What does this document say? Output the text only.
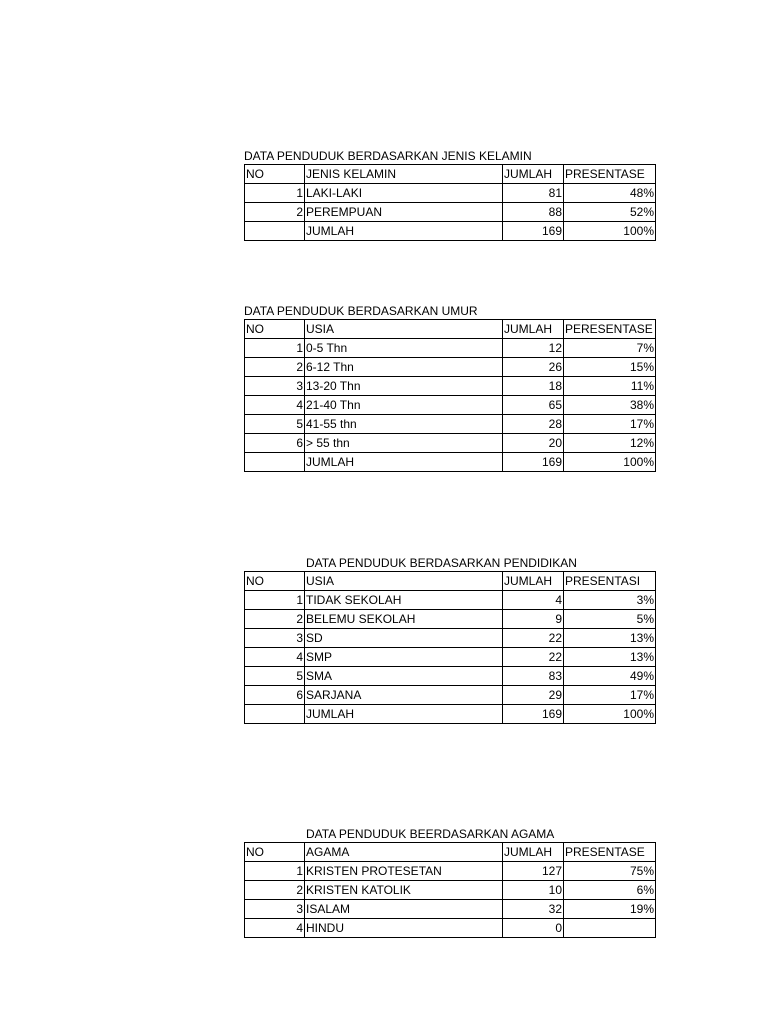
DATA PENDUDUK BERDASARKAN JENIS KELAMIN
NO	JENIS KELAMIN	JUMLAH	PRESENTASE
1	LAKI-LAKI	81	48%
2	PEREMPUAN	88	52%
	JUMLAH	169	100%
DATA PENDUDUK BERDASARKAN UMUR
NO	USIA	JUMLAH	PERESENTASE
1	0-5 Thn	12	7%
2	6-12 Thn	26	15%
3	13-20 Thn	18	11%
4	21-40 Thn	65	38%
5	41-55 thn	28	17%
6	> 55 thn	20	12%
	JUMLAH	169	100%
DATA PENDUDUK BERDASARKAN PENDIDIKAN
NO	USIA	JUMLAH	PRESENTASI
1	TIDAK SEKOLAH	4	3%
2	BELEMU SEKOLAH	9	5%
3	SD	22	13%
4	SMP	22	13%
5	SMA	83	49%
6	SARJANA	29	17%
	JUMLAH	169	100%
DATA PENDUDUK BEERDASARKAN AGAMA
NO	AGAMA	JUMLAH	PRESENTASE
1	KRISTEN PROTESETAN	127	75%
2	KRISTEN KATOLIK	10	6%
3	ISALAM	32	19%
4	HINDU	0	
